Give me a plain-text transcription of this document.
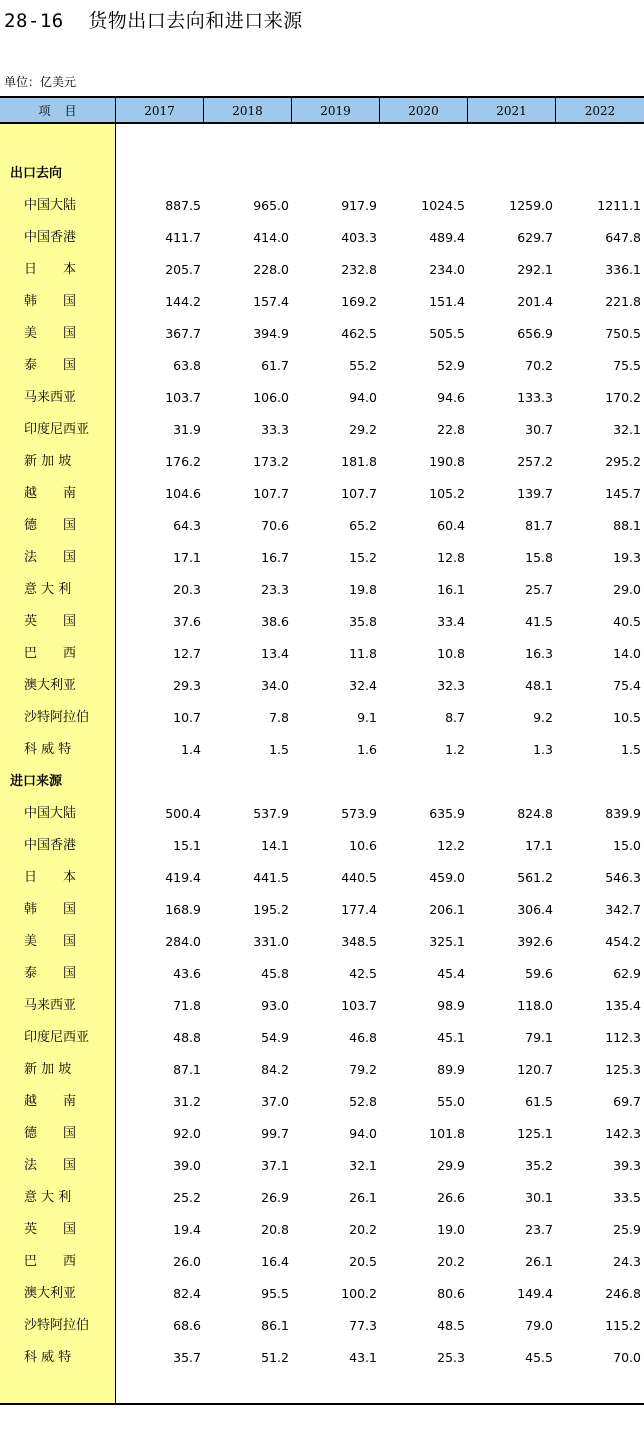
28-16 货物出口去向和进口来源
单位：亿美元
项目	2017	2018	2019	2020	2021	2022
出口去向
中国大陆	887.5	965.0	917.9	1024.5	1259.0	1211.1
中国香港	411.7	414.0	403.3	489.4	629.7	647.8
日　　本	205.7	228.0	232.8	234.0	292.1	336.1
韩　　国	144.2	157.4	169.2	151.4	201.4	221.8
美　　国	367.7	394.9	462.5	505.5	656.9	750.5
泰　　国	63.8	61.7	55.2	52.9	70.2	75.5
马来西亚	103.7	106.0	94.0	94.6	133.3	170.2
印度尼西亚	31.9	33.3	29.2	22.8	30.7	32.1
新 加 坡	176.2	173.2	181.8	190.8	257.2	295.2
越　　南	104.6	107.7	107.7	105.2	139.7	145.7
德　　国	64.3	70.6	65.2	60.4	81.7	88.1
法　　国	17.1	16.7	15.2	12.8	15.8	19.3
意 大 利	20.3	23.3	19.8	16.1	25.7	29.0
英　　国	37.6	38.6	35.8	33.4	41.5	40.5
巴　　西	12.7	13.4	11.8	10.8	16.3	14.0
澳大利亚	29.3	34.0	32.4	32.3	48.1	75.4
沙特阿拉伯	10.7	7.8	9.1	8.7	9.2	10.5
科 威 特	1.4	1.5	1.6	1.2	1.3	1.5
进口来源
中国大陆	500.4	537.9	573.9	635.9	824.8	839.9
中国香港	15.1	14.1	10.6	12.2	17.1	15.0
日　　本	419.4	441.5	440.5	459.0	561.2	546.3
韩　　国	168.9	195.2	177.4	206.1	306.4	342.7
美　　国	284.0	331.0	348.5	325.1	392.6	454.2
泰　　国	43.6	45.8	42.5	45.4	59.6	62.9
马来西亚	71.8	93.0	103.7	98.9	118.0	135.4
印度尼西亚	48.8	54.9	46.8	45.1	79.1	112.3
新 加 坡	87.1	84.2	79.2	89.9	120.7	125.3
越　　南	31.2	37.0	52.8	55.0	61.5	69.7
德　　国	92.0	99.7	94.0	101.8	125.1	142.3
法　　国	39.0	37.1	32.1	29.9	35.2	39.3
意 大 利	25.2	26.9	26.1	26.6	30.1	33.5
英　　国	19.4	20.8	20.2	19.0	23.7	25.9
巴　　西	26.0	16.4	20.5	20.2	26.1	24.3
澳大利亚	82.4	95.5	100.2	80.6	149.4	246.8
沙特阿拉伯	68.6	86.1	77.3	48.5	79.0	115.2
科 威 特	35.7	51.2	43.1	25.3	45.5	70.0
